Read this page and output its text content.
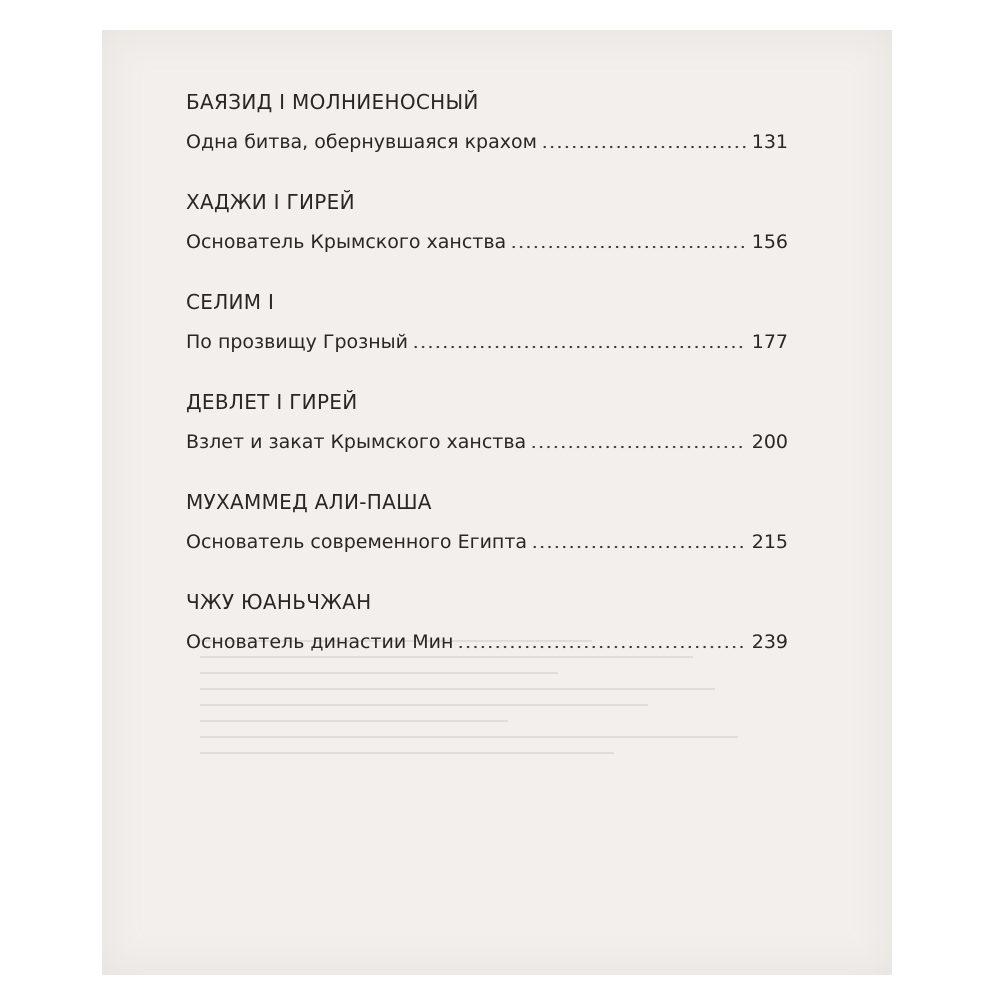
БАЯЗИД I МОЛНИЕНОСНЫЙ
Одна битва, обернувшаяся крахом	131
ХАДЖИ I ГИРЕЙ
Основатель Крымского ханства	156
СЕЛИМ I
По прозвищу Грозный	177
ДЕВЛЕТ I ГИРЕЙ
Взлет и закат Крымского ханства	200
МУХАММЕД АЛИ-ПАША
Основатель современного Египта	215
ЧЖУ ЮАНЬЧЖАН
Основатель династии Мин	239
